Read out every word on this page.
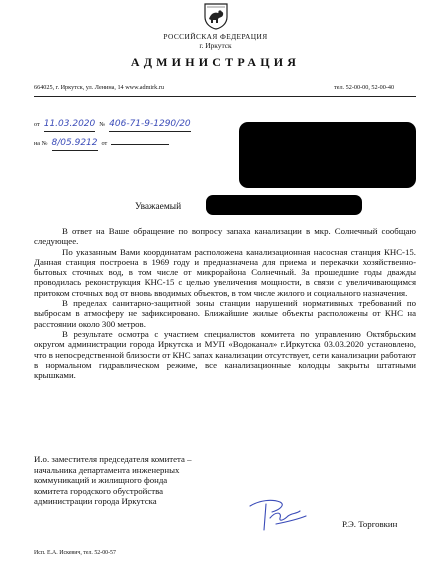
РОССИЙСКАЯ ФЕДЕРАЦИЯ
г. Иркутск
АДМИНИСТРАЦИЯ
664025, г. Иркутск, ул. Ленина, 14 www.admirk.ru	тел. 52-00-00, 52-00-40
от 11.03.2020 № 406-71-9-1290/20
на № 8/05.9212 от
Уважаемый

В ответ на Ваше обращение по вопросу запаха канализации в мкр. Солнечный сообщаю следующее.

По указанным Вами координатам расположена канализационная насосная станция КНС-15. Данная станция построена в 1969 году и предназначена для приема и перекачки хозяйственно-бытовых сточных вод, в том числе от микрорайона Солнечный. За прошедшие годы дважды проводилась реконструкция КНС-15 с целью увеличения мощности, в связи с увеличивающимся притоком сточных вод от вновь вводимых объектов, в том числе жилого и социального назначения.

В пределах санитарно-защитной зоны станции нарушений нормативных требований по выбросам в атмосферу не зафиксировано. Ближайшие жилые объекты расположены от КНС на расстоянии около 300 метров.

В результате осмотра с участием специалистов комитета по управлению Октябрьским округом администрации города Иркутска и МУП «Водоканал» г.Иркутска 03.03.2020 установлено, что в непосредственной близости от КНС запах канализации отсутствует, сети канализации работают в нормальном гидравлическом режиме, все канализационные колодцы закрыты штатными крышками.

И.о. заместителя председателя комитета –
начальника департамента инженерных
коммуникаций и жилищного фонда
комитета городского обустройства
администрации города Иркутска
Р.Э. Торговкин
Исп. Е.А. Искевич, тел. 52-00-57
